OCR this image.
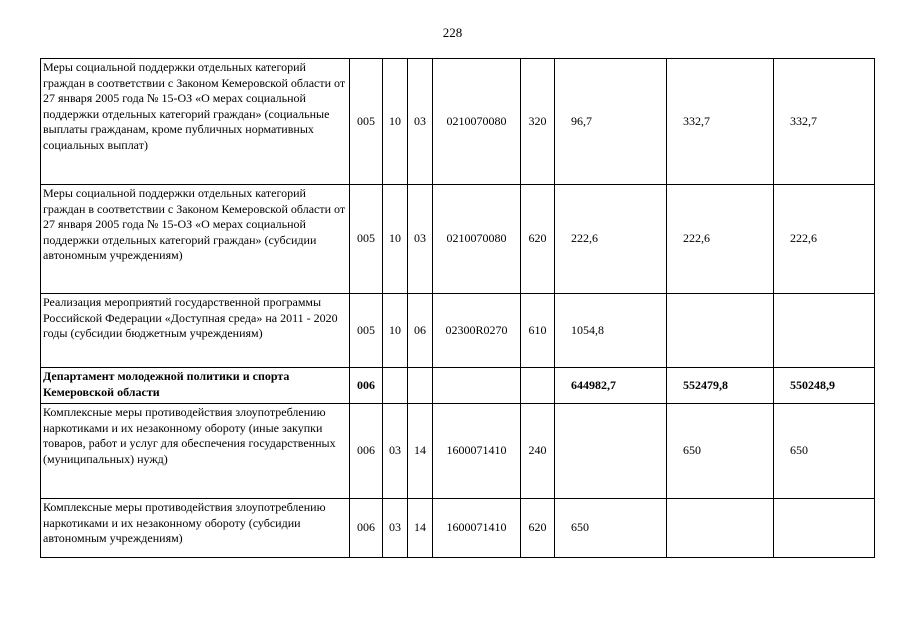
228
Меры социальной поддержки отдельных категорий граждан в соответствии с Законом Кемеровской области от 27 января 2005 года № 15-ОЗ «О мерах социальной поддержки отдельных категорий граждан» (социальные выплаты гражданам, кроме публичных нормативных социальных выплат)	005	10	03	0210070080	320	96,7	332,7	332,7
Меры социальной поддержки отдельных категорий граждан в соответствии с Законом Кемеровской области от 27 января 2005 года № 15-ОЗ «О мерах социальной поддержки отдельных категорий граждан» (субсидии автономным учреждениям)	005	10	03	0210070080	620	222,6	222,6	222,6
Реализация мероприятий государственной программы Российской Федерации «Доступная среда» на 2011 - 2020 годы (субсидии бюджетным учреждениям)	005	10	06	02300R0270	610	1054,8		
Департамент молодежной политики и спорта Кемеровской области	006					644982,7	552479,8	550248,9
Комплексные меры противодействия злоупотреблению наркотиками и их незаконному обороту (иные закупки товаров, работ и услуг для обеспечения государственных (муниципальных) нужд)	006	03	14	1600071410	240		650	650
Комплексные меры противодействия злоупотреблению наркотиками и их незаконному обороту (субсидии автономным учреждениям)	006	03	14	1600071410	620	650		
